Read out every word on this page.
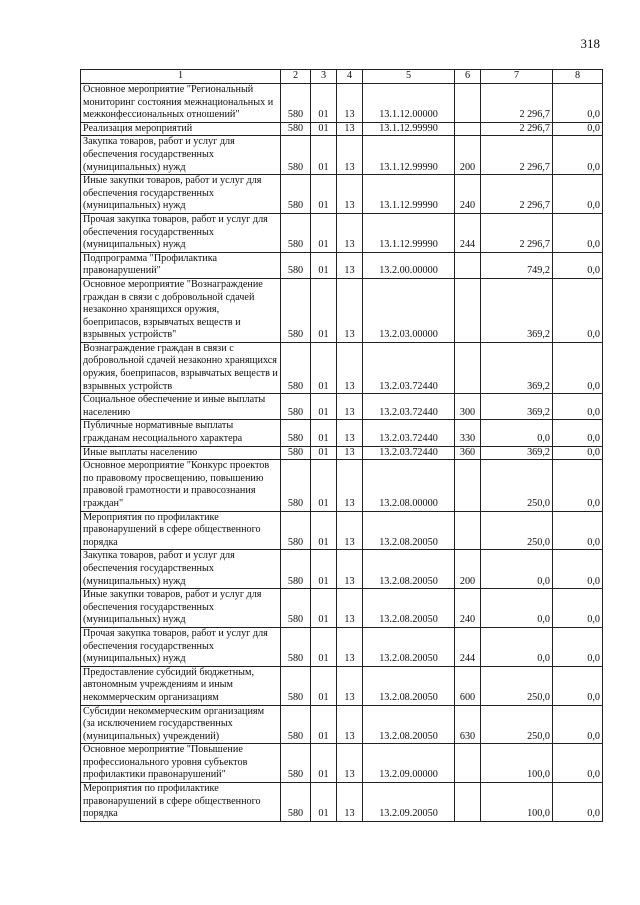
318
1	2	3	4	5	6	7	8
Основное мероприятие "Региональный мониторинг состояния межнациональных и межконфессиональных отношений"	580	01	13	13.1.12.00000		2 296,7	0,0
Реализация мероприятий	580	01	13	13.1.12.99990		2 296,7	0,0
Закупка товаров, работ и услуг для обеспечения государственных (муниципальных) нужд	580	01	13	13.1.12.99990	200	2 296,7	0,0
Иные закупки товаров, работ и услуг для обеспечения государственных (муниципальных) нужд	580	01	13	13.1.12.99990	240	2 296,7	0,0
Прочая закупка товаров, работ и услуг для обеспечения государственных (муниципальных) нужд	580	01	13	13.1.12.99990	244	2 296,7	0,0
Подпрограмма "Профилактика правонарушений"	580	01	13	13.2.00.00000		749,2	0,0
Основное мероприятие "Вознаграждение граждан в связи с добровольной сдачей незаконно хранящихся оружия, боеприпасов, взрывчатых веществ и взрывных устройств"	580	01	13	13.2.03.00000		369,2	0,0
Вознаграждение граждан в связи с добровольной сдачей незаконно хранящихся оружия, боеприпасов, взрывчатых веществ и взрывных устройств	580	01	13	13.2.03.72440		369,2	0,0
Социальное обеспечение и иные выплаты населению	580	01	13	13.2.03.72440	300	369,2	0,0
Публичные нормативные выплаты гражданам несоциального характера	580	01	13	13.2.03.72440	330	0,0	0,0
Иные выплаты населению	580	01	13	13.2.03.72440	360	369,2	0,0
Основное мероприятие "Конкурс проектов по правовому просвещению, повышению правовой грамотности и правосознания граждан"	580	01	13	13.2.08.00000		250,0	0,0
Мероприятия по профилактике правонарушений в сфере общественного порядка	580	01	13	13.2.08.20050		250,0	0,0
Закупка товаров, работ и услуг для обеспечения государственных (муниципальных) нужд	580	01	13	13.2.08.20050	200	0,0	0,0
Иные закупки товаров, работ и услуг для обеспечения государственных (муниципальных) нужд	580	01	13	13.2.08.20050	240	0,0	0,0
Прочая закупка товаров, работ и услуг для обеспечения государственных (муниципальных) нужд	580	01	13	13.2.08.20050	244	0,0	0,0
Предоставление субсидий бюджетным, автономным учреждениям и иным некоммерческим организациям	580	01	13	13.2.08.20050	600	250,0	0,0
Субсидии некоммерческим организациям (за исключением государственных (муниципальных) учреждений)	580	01	13	13.2.08.20050	630	250,0	0,0
Основное мероприятие "Повышение профессионального уровня субъектов профилактики правонарушений"	580	01	13	13.2.09.00000		100,0	0,0
Мероприятия по профилактике правонарушений в сфере общественного порядка	580	01	13	13.2.09.20050		100,0	0,0
